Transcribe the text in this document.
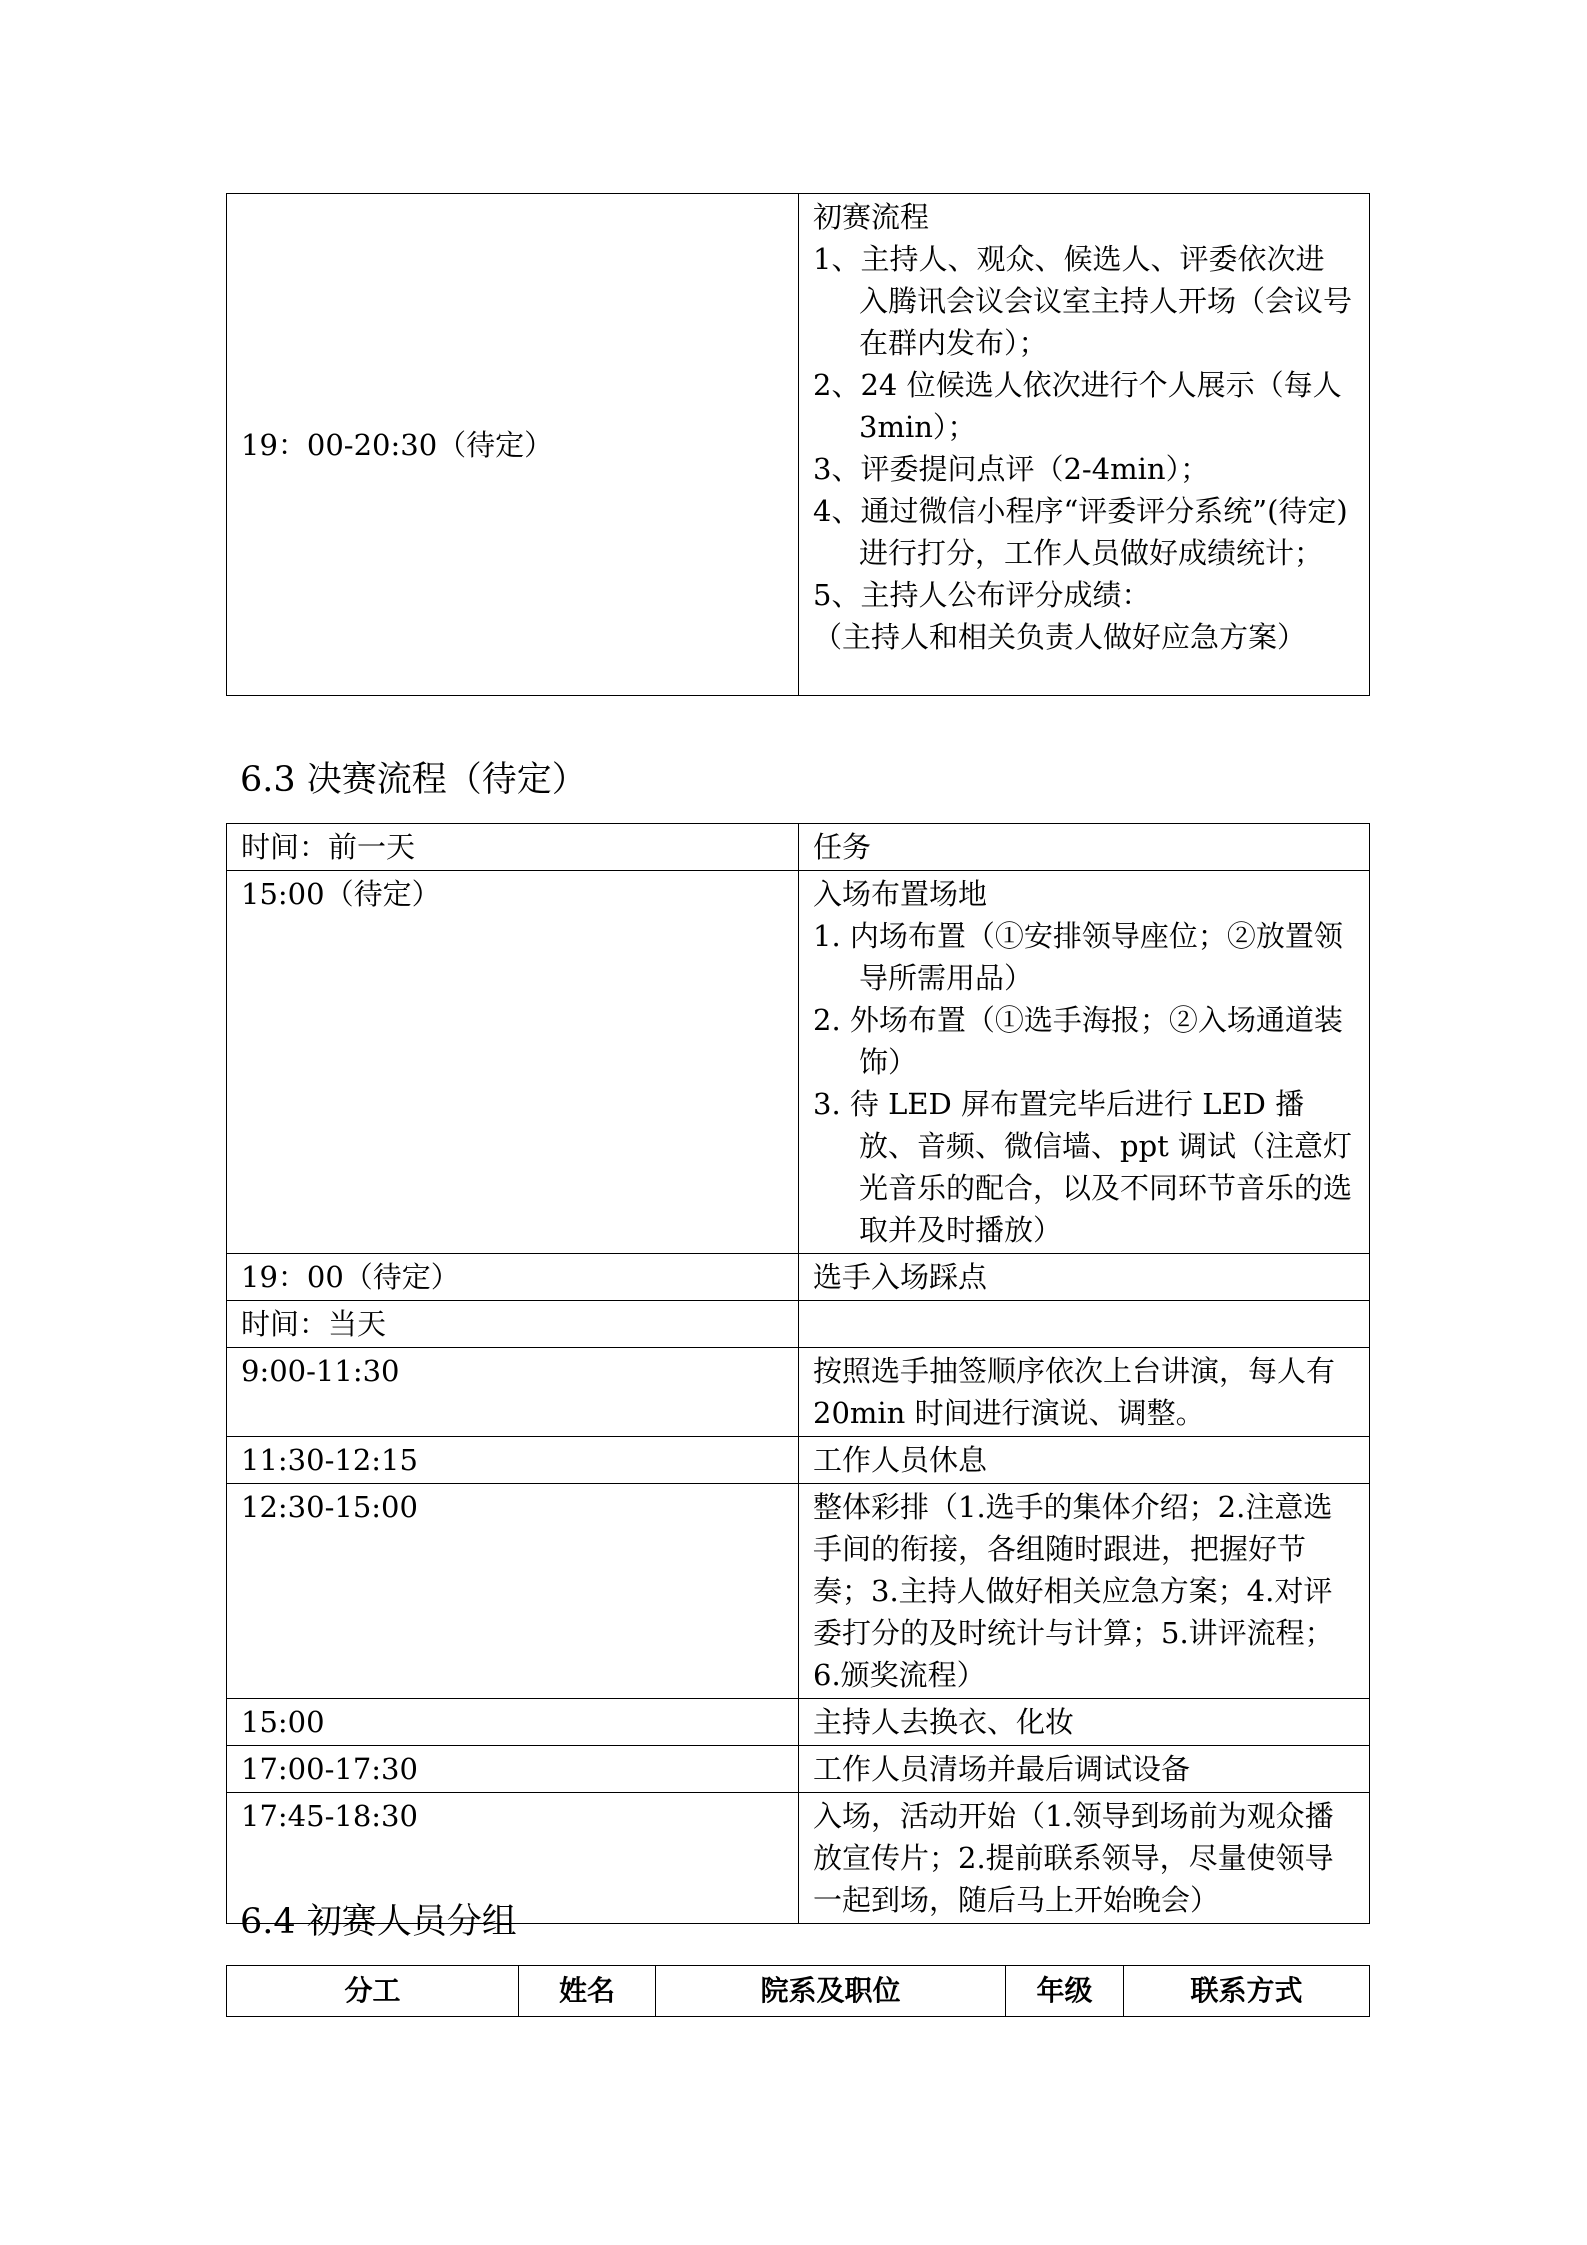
19：00-20:30（待定）	
初赛流程
1、主持人、观众、候选人、评委依次进入腾讯会议会议室主持人开场（会议号在群内发布）；
2、24 位候选人依次进行个人展示（每人 3min）；
3、评委提问点评（2-4min）；
4、通过微信小程序“评委评分系统”(待定)进行打分，工作人员做好成绩统计；
5、主持人公布评分成绩：
（主持人和相关负责人做好应急方案）
6.3 决赛流程（待定）
时间：前一天	任务
15:00（待定）	入场布置场地
1. 内场布置（①安排领导座位；②放置领导所需用品）
2. 外场布置（①选手海报；②入场通道装饰）
3. 待 LED 屏布置完毕后进行 LED 播放、音频、微信墙、ppt 调试（注意灯光音乐的配合，以及不同环节音乐的选取并及时播放）

19：00（待定）	选手入场踩点
时间：当天	
9:00-11:30	按照选手抽签顺序依次上台讲演，每人有 20min 时间进行演说、调整。
11:30-12:15	工作人员休息
12:30-15:00	整体彩排（1.选手的集体介绍；2.注意选手间的衔接，各组随时跟进，把握好节奏；3.主持人做好相关应急方案；4.对评委打分的及时统计与计算；5.讲评流程；6.颁奖流程）
15:00	主持人去换衣、化妆
17:00-17:30	工作人员清场并最后调试设备
17:45-18:30	入场，活动开始（1.领导到场前为观众播放宣传片；2.提前联系领导，尽量使领导一起到场，随后马上开始晚会）
6.4 初赛人员分组
分工	姓名	院系及职位	年级	联系方式
